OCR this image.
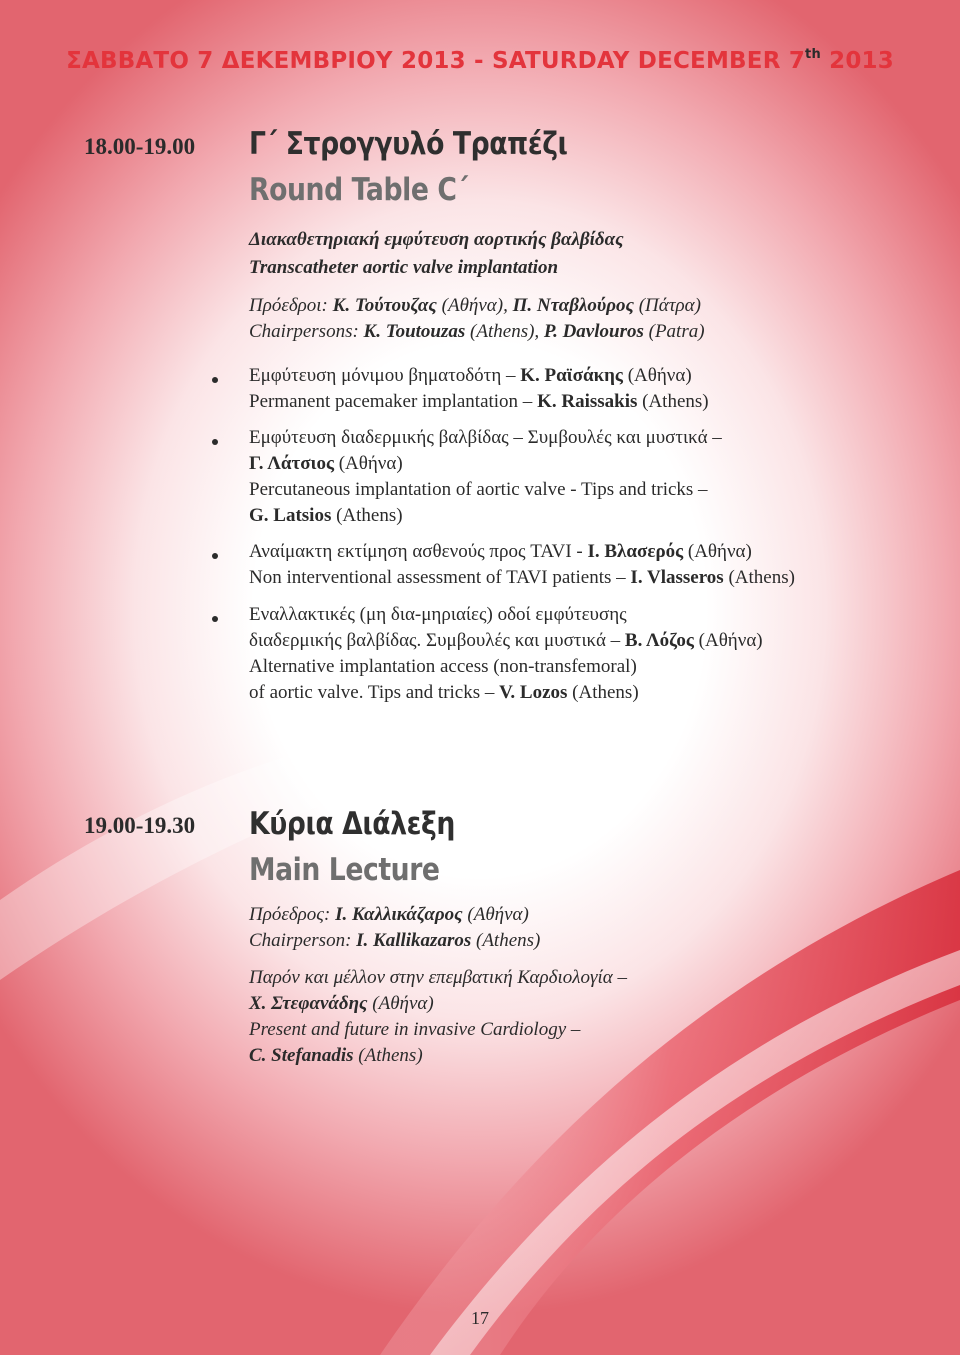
ΣΑΒΒΑΤΟ 7 ΔΕΚΕΜΒΡΙΟΥ 2013 - SATURDAY DECEMBER 7th 2013
18.00-19.00 Γ΄ Στρογγυλό Τραπέζι
Round Table C΄
Διακαθετηριακή εμφύτευση αορτικής βαλβίδας
Transcatheter aortic valve implantation
Πρόεδροι: Κ. Τούτουζας (Αθήνα), Π. Νταβλούρος (Πάτρα)
Chairpersons: K. Toutouzas (Athens), P. Davlouros (Patra)
Εμφύτευση μόνιμου βηματοδότη – Κ. Ραϊσάκης (Αθήνα)
Permanent pacemaker implantation – K. Raissakis (Athens)
Εμφύτευση διαδερμικής βαλβίδας – Συμβουλές και μυστικά –
Γ. Λάτσιος (Αθήνα)
Percutaneous implantation of aortic valve - Tips and tricks –
G. Latsios (Athens)
Αναίμακτη εκτίμηση ασθενούς προς TAVI - Ι. Βλασερός (Αθήνα)
Non interventional assessment of TAVI patients – I. Vlasseros (Athens)
Εναλλακτικές (μη δια-μηριαίες) οδοί εμφύτευσης
διαδερμικής βαλβίδας. Συμβουλές και μυστικά – Β. Λόζος (Αθήνα)
Alternative implantation access (non-transfemoral)
of aortic valve. Tips and tricks – V. Lozos (Athens)
19.00-19.30 Κύρια Διάλεξη
Main Lecture
Πρόεδρος: Ι. Καλλικάζαρος (Αθήνα)
Chairperson: I. Kallikazaros (Athens)
Παρόν και μέλλον στην επεμβατική Καρδιολογία –
Χ. Στεφανάδης (Αθήνα)
Present and future in invasive Cardiology –
C. Stefanadis (Athens)
17
